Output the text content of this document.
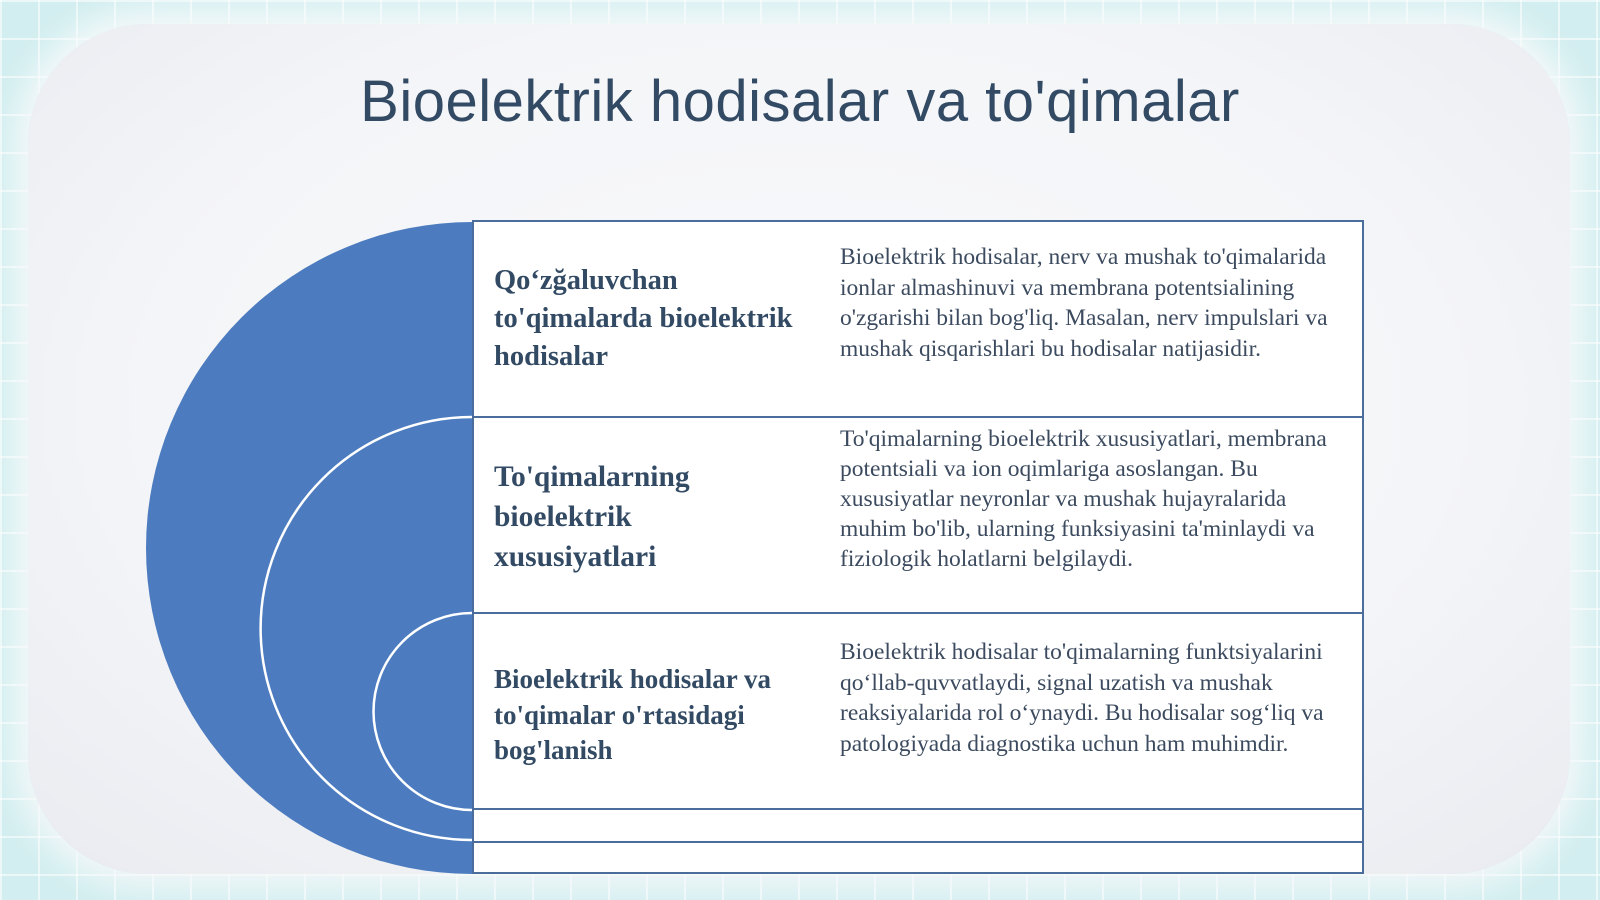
Bioelektrik hodisalar va to'qimalar
Qo‘zğaluvchan to'qimalarda bioelektrik hodisalar
Bioelektrik hodisalar, nerv va mushak to'qimalarida ionlar almashinuvi va membrana potentsialining o'zgarishi bilan bog'liq. Masalan, nerv impulslari va mushak qisqarishlari bu hodisalar natijasidir.
To'qimalarning bioelektrik xususiyatlari
To'qimalarning bioelektrik xususiyatlari, membrana potentsiali va ion oqimlariga asoslangan. Bu xususiyatlar neyronlar va mushak hujayralarida muhim bo'lib, ularning funksiyasini ta'minlaydi va fiziologik holatlarni belgilaydi.
Bioelektrik hodisalar va to'qimalar o'rtasidagi bog'lanish
Bioelektrik hodisalar to'qimalarning funktsiyalarini qo‘llab-quvvatlaydi, signal uzatish va mushak reaksiyalarida rol o‘ynaydi. Bu hodisalar sog‘liq va patologiyada diagnostika uchun ham muhimdir.
